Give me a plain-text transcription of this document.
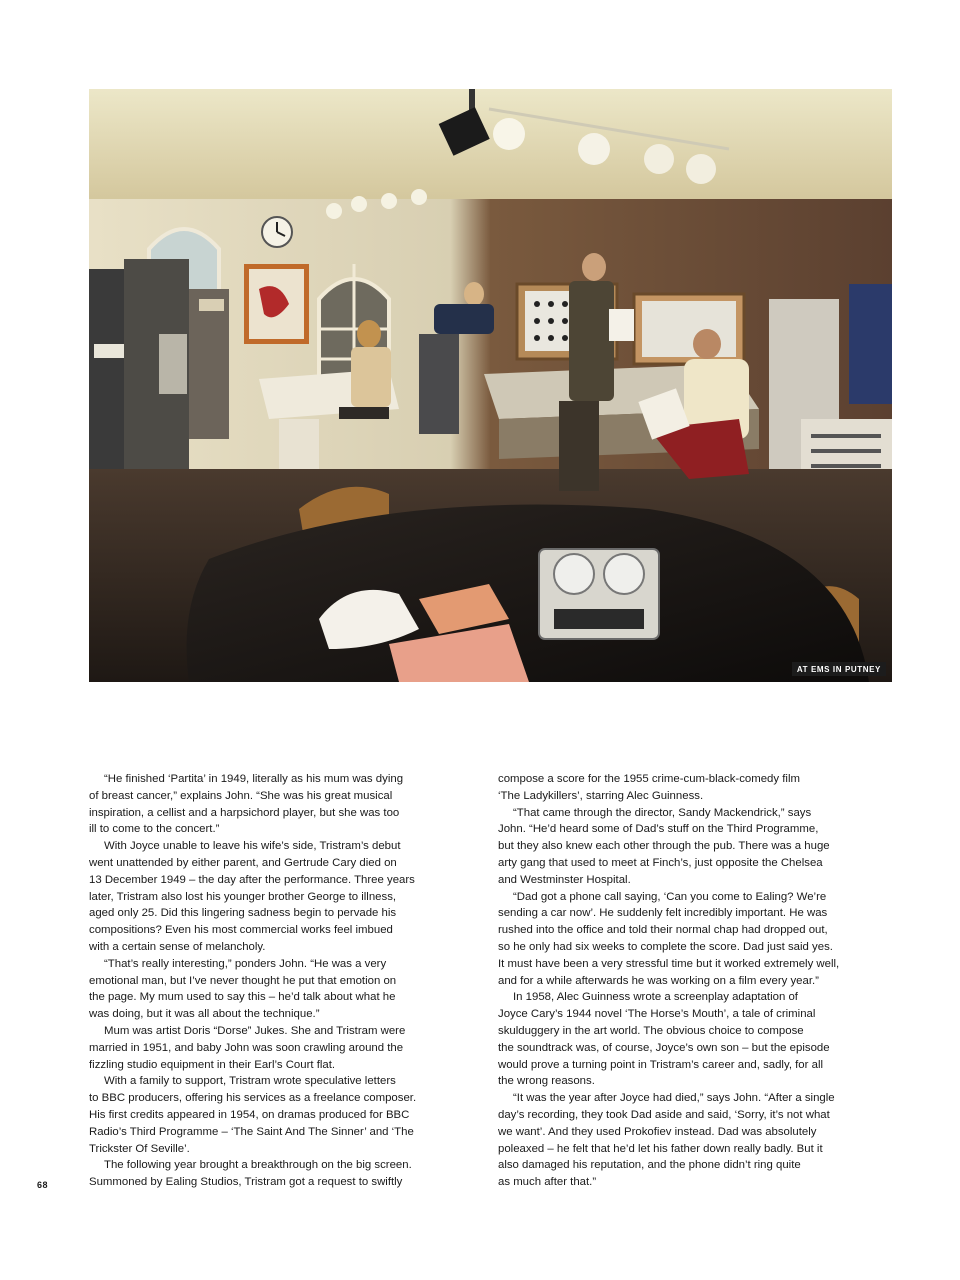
AT EMS IN PUTNEY

“He finished ‘Partita’ in 1949, literally as his mum was dying
of breast cancer,” explains John. “She was his great musical
inspiration, a cellist and a harpsichord player, but she was too
ill to come to the concert.”

With Joyce unable to leave his wife’s side, Tristram’s debut
went unattended by either parent, and Gertrude Cary died on
13 December 1949 – the day after the performance. Three years
later, Tristram also lost his younger brother George to illness,
aged only 25. Did this lingering sadness begin to pervade his
compositions? Even his most commercial works feel imbued
with a certain sense of melancholy.

“That’s really interesting,” ponders John. “He was a very
emotional man, but I’ve never thought he put that emotion on
the page. My mum used to say this – he’d talk about what he
was doing, but it was all about the technique.”

Mum was artist Doris “Dorse” Jukes. She and Tristram were
married in 1951, and baby John was soon crawling around the
fizzling studio equipment in their Earl’s Court flat.

With a family to support, Tristram wrote speculative letters
to BBC producers, offering his services as a freelance composer.
His first credits appeared in 1954, on dramas produced for BBC
Radio’s Third Programme – ‘The Saint And The Sinner’ and ‘The
Trickster Of Seville’.

The following year brought a breakthrough on the big screen.
Summoned by Ealing Studios, Tristram got a request to swiftly

compose a score for the 1955 crime-cum-black-comedy film
‘The Ladykillers’, starring Alec Guinness.

“That came through the director, Sandy Mackendrick,” says
John. “He’d heard some of Dad’s stuff on the Third Programme,
but they also knew each other through the pub. There was a huge
arty gang that used to meet at Finch’s, just opposite the Chelsea
and Westminster Hospital.

“Dad got a phone call saying, ‘Can you come to Ealing? We’re
sending a car now’. He suddenly felt incredibly important. He was
rushed into the office and told their normal chap had dropped out,
so he only had six weeks to complete the score. Dad just said yes.
It must have been a very stressful time but it worked extremely well,
and for a while afterwards he was working on a film every year.”

In 1958, Alec Guinness wrote a screenplay adaptation of
Joyce Cary’s 1944 novel ‘The Horse’s Mouth’, a tale of criminal
skulduggery in the art world. The obvious choice to compose
the soundtrack was, of course, Joyce’s own son – but the episode
would prove a turning point in Tristram’s career and, sadly, for all
the wrong reasons.

“It was the year after Joyce had died,” says John. “After a single
day’s recording, they took Dad aside and said, ‘Sorry, it’s not what
we want’. And they used Prokofiev instead. Dad was absolutely
poleaxed – he felt that he’d let his father down really badly. But it
also damaged his reputation, and the phone didn’t ring quite
as much after that.”

68
